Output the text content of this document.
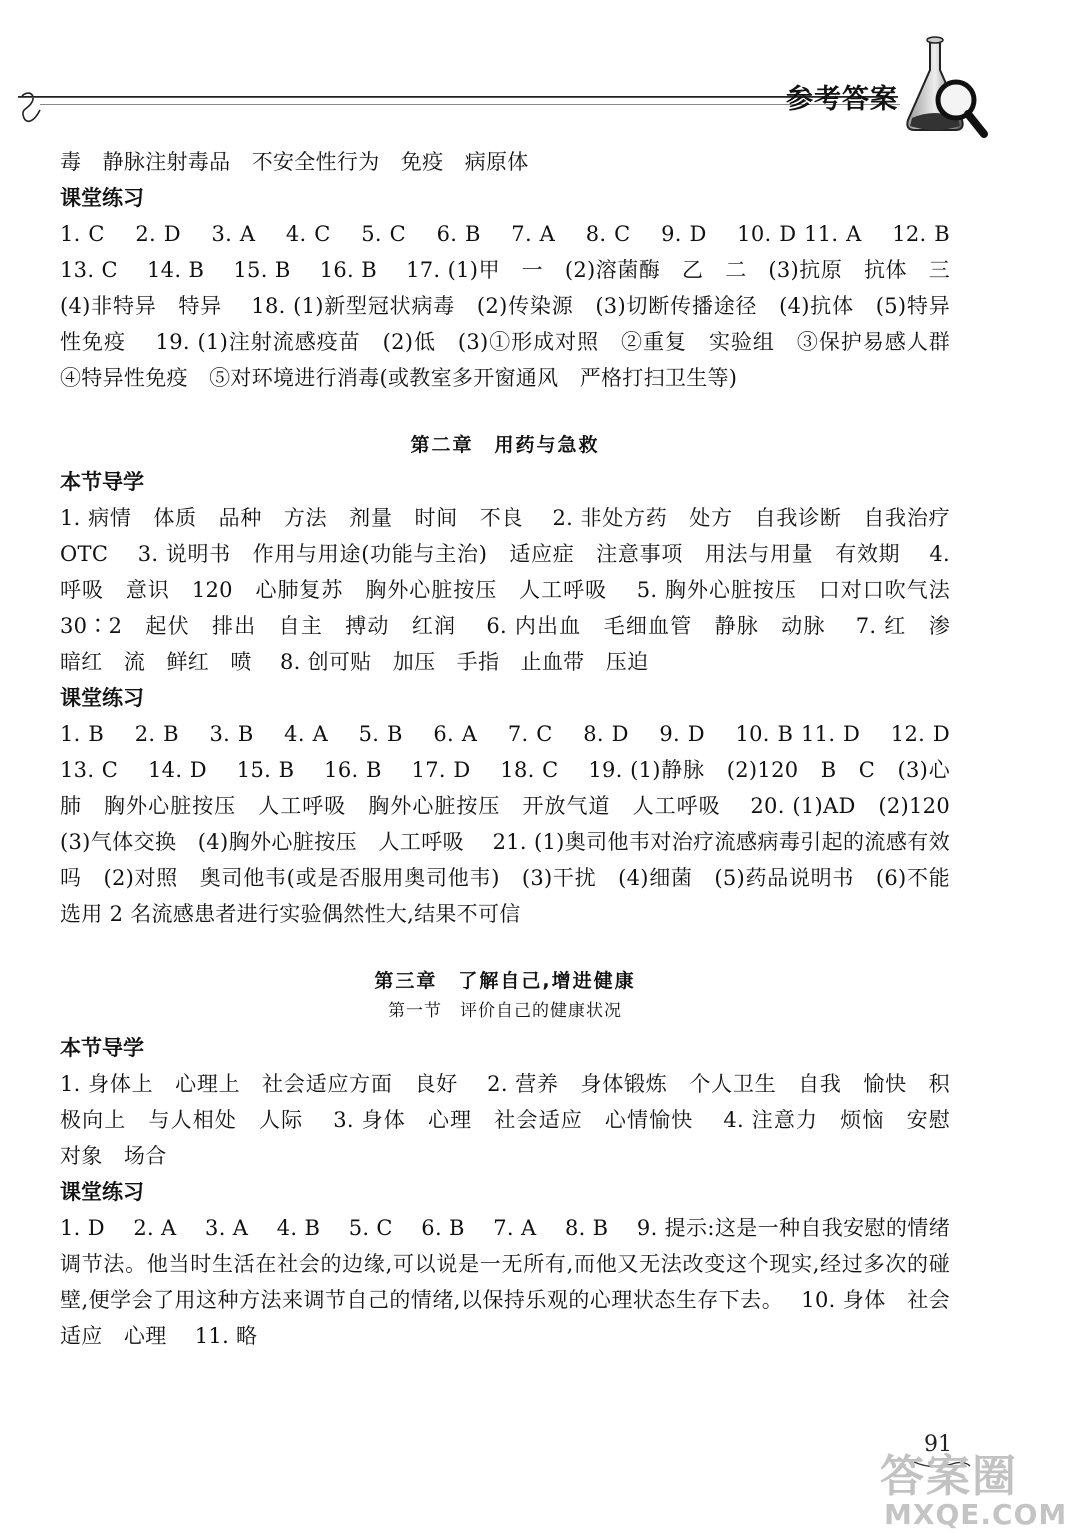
参考答案

毒　静脉注射毒品　不安全性行为　免疫　病原体

课堂练习

1. C　 2. D　 3. A　 4. C　 5. C　 6. B　 7. A　 8. C　 9. D　 10. D 11. A　 12. B　 13. C　 14. B　 15. B　 16. B　 17. (1)甲　一　(2)溶菌酶　乙　二　(3)抗原　抗体　三　(4)非特异　特异　 18. (1)新型冠状病毒　(2)传染源　(3)切断传播途径　(4)抗体　(5)特异性免疫　 19. (1)注射流感疫苗　(2)低　(3)①形成对照　②重复　实验组　③保护易感人群　④特异性免疫　⑤对环境进行消毒(或教室多开窗通风　严格打扫卫生等)

第二章　用药与急救
本节导学

1. 病情　体质　品种　方法　剂量　时间　不良　 2. 非处方药　处方　自我诊断　自我治疗　OTC　 3. 说明书　作用与用途(功能与主治)　适应症　注意事项　用法与用量　有效期　 4. 呼吸　意识　120　心肺复苏　胸外心脏按压　人工呼吸　 5. 胸外心脏按压　口对口吹气法　30∶2　起伏　排出　自主　搏动　红润　 6. 内出血　毛细血管　静脉　动脉　 7. 红　渗　暗红　流　鲜红　喷　 8. 创可贴　加压　手指　止血带　压迫

课堂练习

1. B　 2. B　 3. B　 4. A　 5. B　 6. A　 7. C　 8. D　 9. D　 10. B 11. D　 12. D　 13. C　 14. D　 15. B　 16. B　 17. D　 18. C　 19. (1)静脉　(2)120　B　C　(3)心肺　胸外心脏按压　人工呼吸　胸外心脏按压　开放气道　人工呼吸　 20. (1)AD　(2)120　(3)气体交换　(4)胸外心脏按压　人工呼吸　 21. (1)奥司他韦对治疗流感病毒引起的流感有效吗　(2)对照　奥司他韦(或是否服用奥司他韦)　(3)干扰　(4)细菌　(5)药品说明书　(6)不能　选用 2 名流感患者进行实验偶然性大,结果不可信

第三章　了解自己,增进健康
第一节　评价自己的健康状况
本节导学

1. 身体上　心理上　社会适应方面　良好　 2. 营养　身体锻炼　个人卫生　自我　愉快　积极向上　与人相处　人际　 3. 身体　心理　社会适应　心情愉快　 4. 注意力　烦恼　安慰　对象　场合

课堂练习

1. D　 2. A　 3. A　 4. B　 5. C　 6. B　 7. A　 8. B　 9. 提示:这是一种自我安慰的情绪调节法。他当时生活在社会的边缘,可以说是一无所有,而他又无法改变这个现实,经过多次的碰壁,便学会了用这种方法来调节自己的情绪,以保持乐观的心理状态生存下去。　 10. 身体　社会适应　心理　 11. 略

91
答案圈
MXQE.COM
